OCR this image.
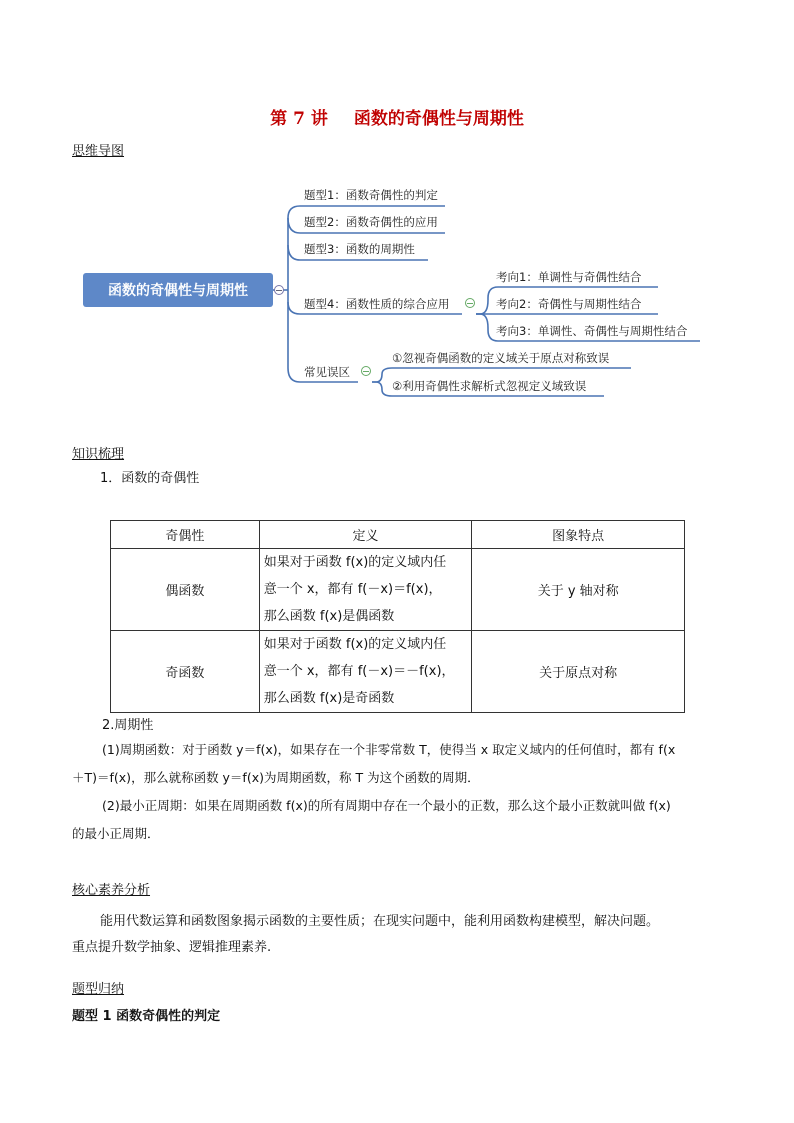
第 7 讲 函数的奇偶性与周期性
思维导图
函数的奇偶性与周期性
题型1：函数奇偶性的判定
题型2：函数奇偶性的应用
题型3：函数的周期性
题型4：函数性质的综合应用
常见误区
考向1：单调性与奇偶性结合
考向2：奇偶性与周期性结合
考向3：单调性、奇偶性与周期性结合
①忽视奇偶函数的定义域关于原点对称致误
②利用奇偶性求解析式忽视定义域致误
知识梳理
1．函数的奇偶性
奇偶性	定义	图象特点
偶函数	如果对于函数 f(x)的定义域内任
意一个 x，都有 f(－x)＝f(x)，
那么函数 f(x)是偶函数	关于 y 轴对称
奇函数	如果对于函数 f(x)的定义域内任
意一个 x，都有 f(－x)＝－f(x)，
那么函数 f(x)是奇函数	关于原点对称
2.周期性
(1)周期函数：对于函数 y＝f(x)，如果存在一个非零常数 T，使得当 x 取定义域内的任何值时，都有 f(x
＋T)＝f(x)，那么就称函数 y＝f(x)为周期函数，称 T 为这个函数的周期．
(2)最小正周期：如果在周期函数 f(x)的所有周期中存在一个最小的正数，那么这个最小正数就叫做 f(x)
的最小正周期．
核心素养分析
能用代数运算和函数图象揭示函数的主要性质；在现实问题中，能利用函数构建模型，解决问题。
重点提升数学抽象、逻辑推理素养.
题型归纳
题型 1 函数奇偶性的判定
